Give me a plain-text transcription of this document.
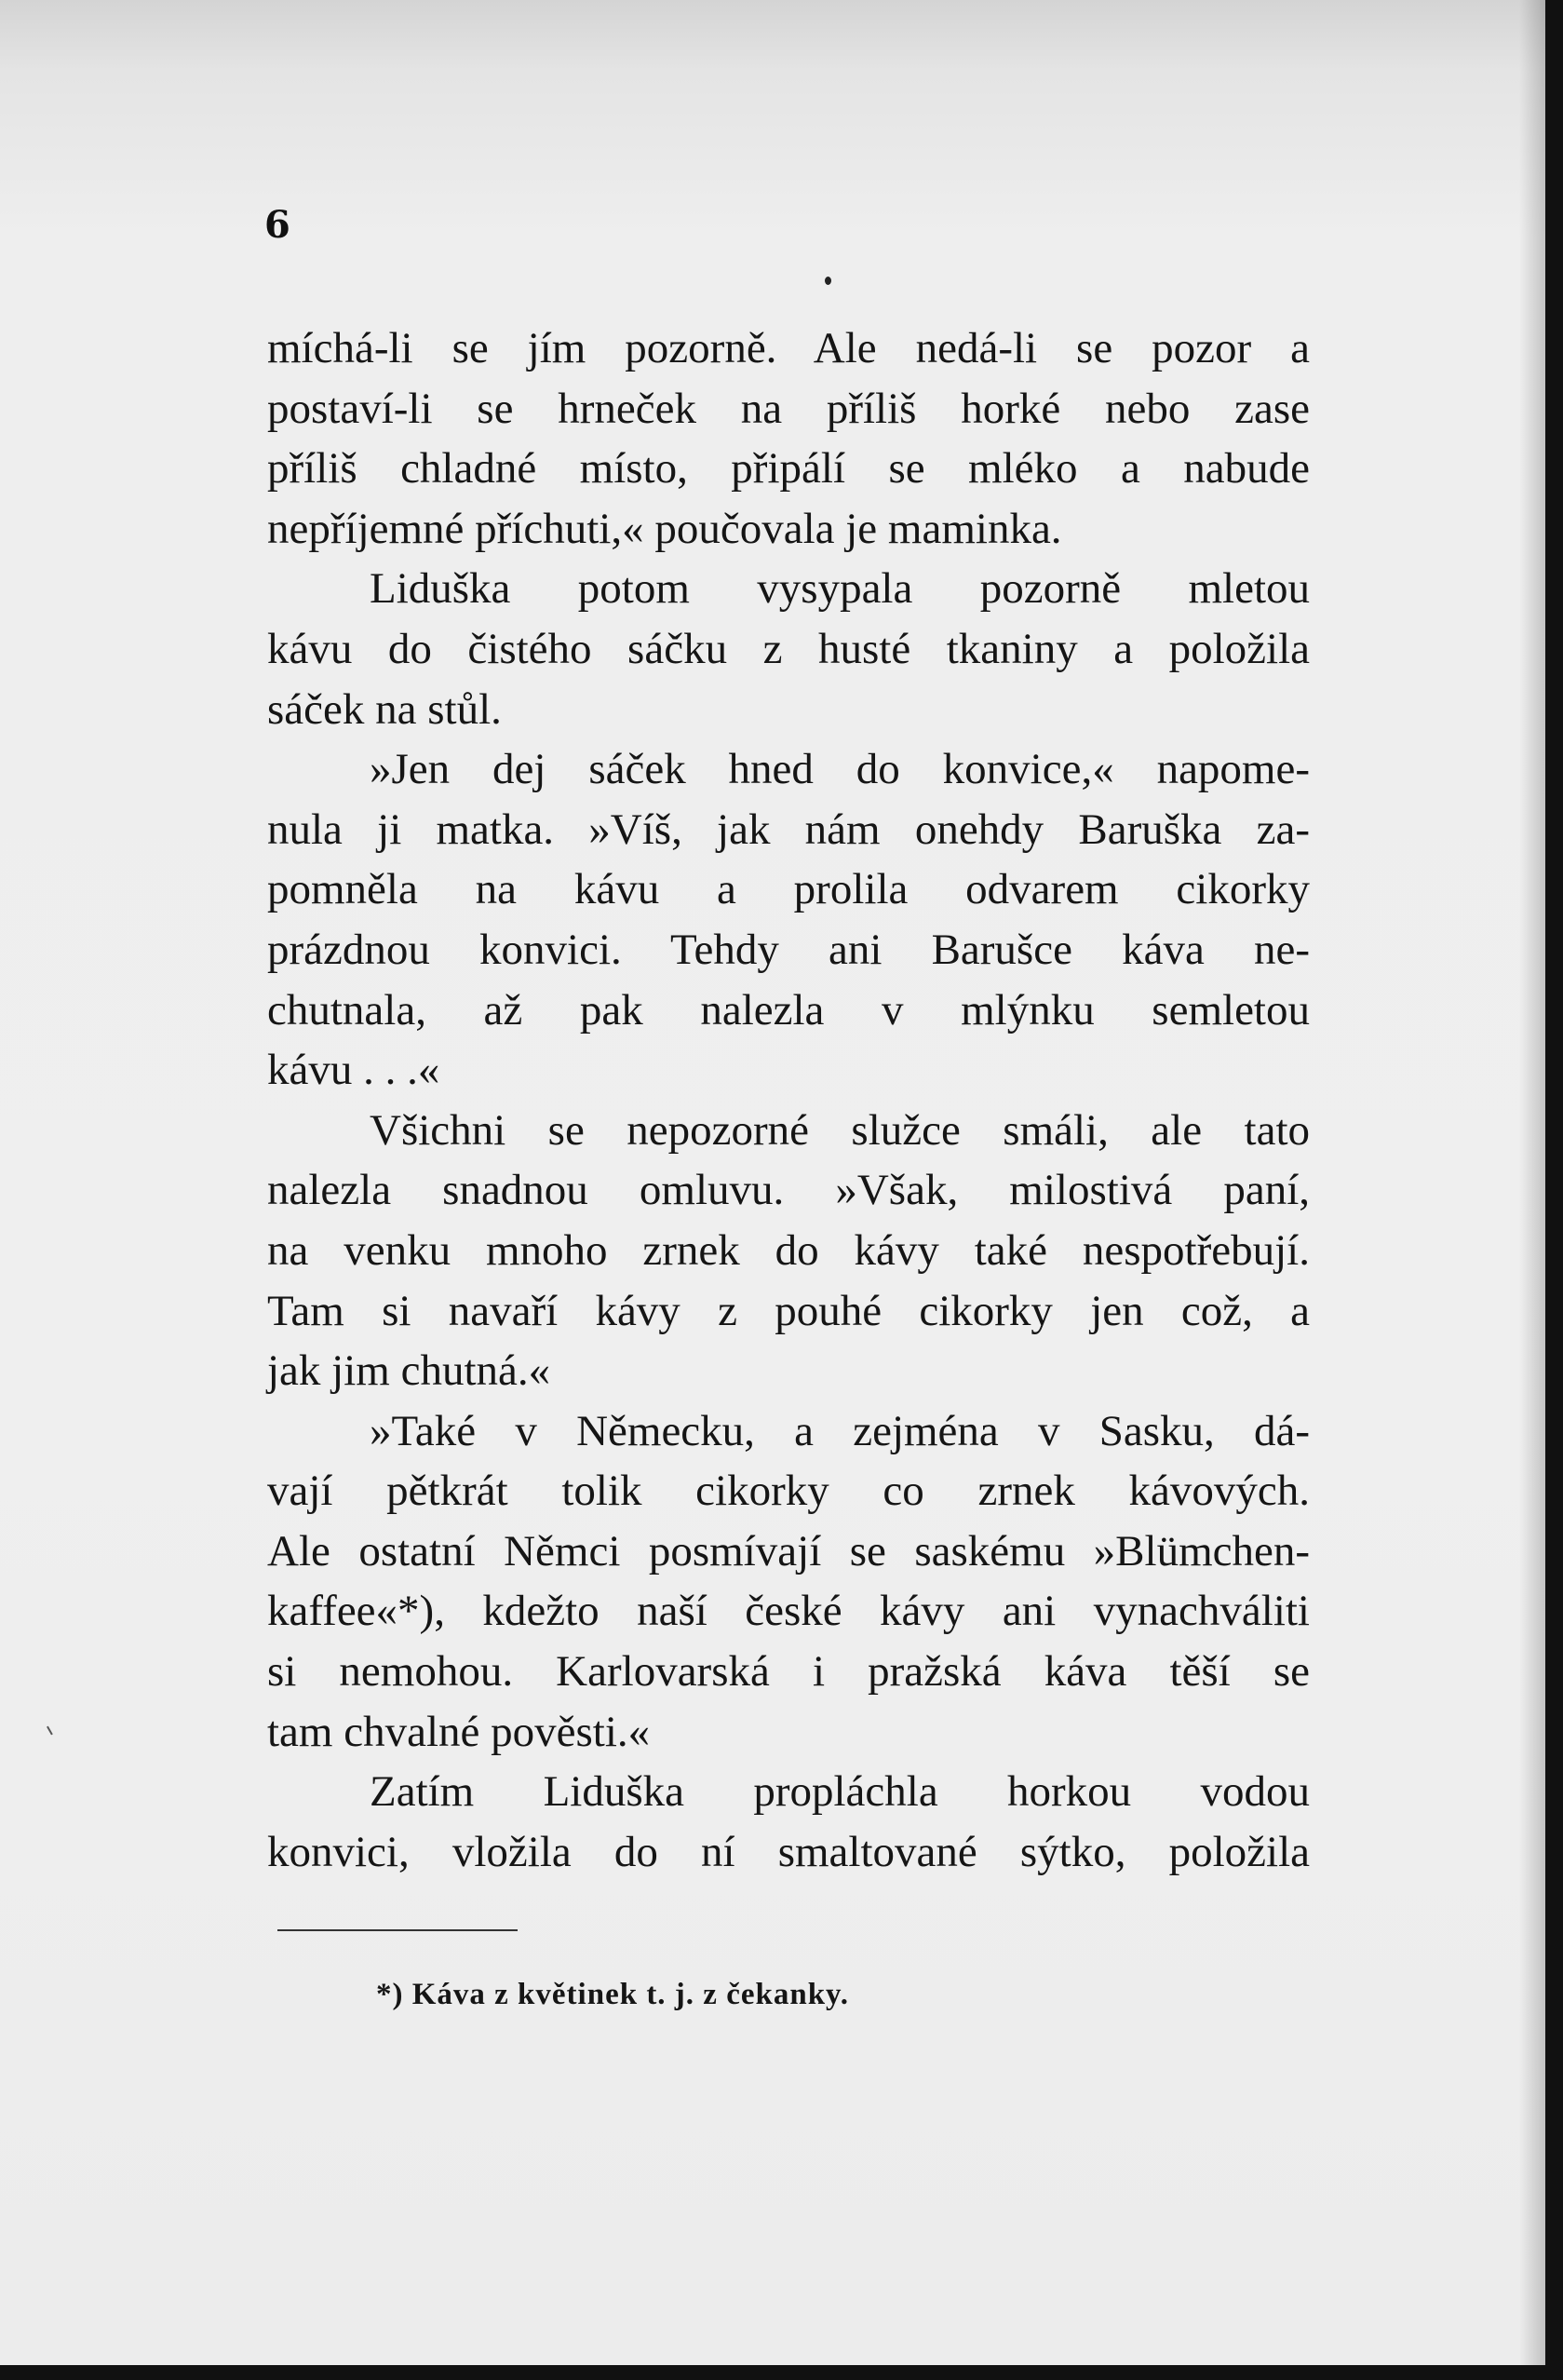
6
míchá-li se jím pozorně. Ale nedá-li se pozor a
postaví-li se hrneček na příliš horké nebo zase
příliš chladné místo, připálí se mléko a nabude
nepříjemné příchuti,« poučovala je maminka.
Liduška potom vysypala pozorně mletou
kávu do čistého sáčku z husté tkaniny a položila
sáček na stůl.
»Jen dej sáček hned do konvice,« napome-
nula ji matka. »Víš, jak nám onehdy Baruška za-
pomněla na kávu a prolila odvarem cikorky
prázdnou konvici. Tehdy ani Barušce káva ne-
chutnala, až pak nalezla v mlýnku semletou
kávu . . .«
Všichni se nepozorné služce smáli, ale tato
nalezla snadnou omluvu. »Však, milostivá paní,
na venku mnoho zrnek do kávy také nespotřebují.
Tam si navaří kávy z pouhé cikorky jen což, a
jak jim chutná.«
»Také v Německu, a zejména v Sasku, dá-
vají pětkrát tolik cikorky co zrnek kávových.
Ale ostatní Němci posmívají se saskému »Blümchen-
kaffee«*), kdežto naší české kávy ani vynachváliti
si nemohou. Karlovarská i pražská káva těší se
tam chvalné pověsti.«
Zatím Liduška propláchla horkou vodou
konvici, vložila do ní smaltované sýtko, položila
*) Káva z květinek t. j. z čekanky.
